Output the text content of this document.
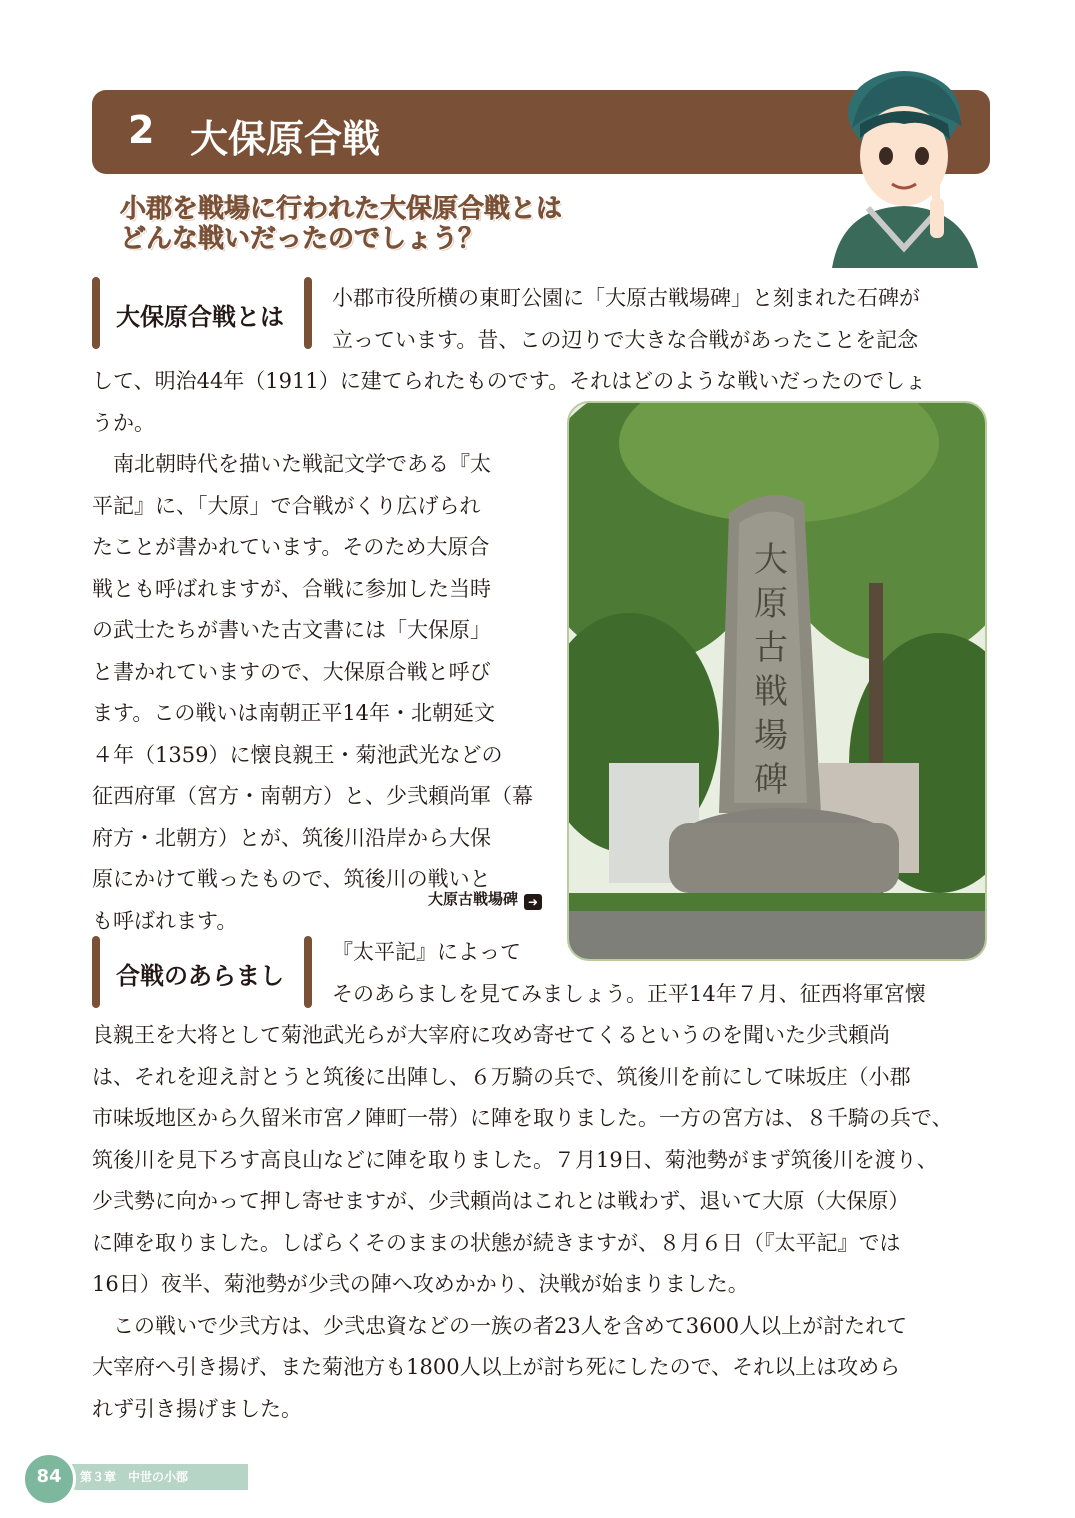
2 大保原合戦
小郡を戦場に行われた大保原合戦とは
どんな戦いだったのでしょう？
大保原合戦とは

小郡市役所横の東町公園に「大原古戦場碑」と刻まれた石碑が

立っています。昔、この辺りで大きな合戦があったことを記念

して、明治44年（1911）に建てられたものです。それはどのような戦いだったのでしょ

うか。

南北朝時代を描いた戦記文学である『太

平記』に、「大原」で合戦がくり広げられ

たことが書かれています。そのため大原合

戦とも呼ばれますが、合戦に参加した当時

の武士たちが書いた古文書には「大保原」

と書かれていますので、大保原合戦と呼び

ます。この戦いは南朝正平14年・北朝延文

４年（1359）に懐良親王・菊池武光などの

征西府軍（宮方・南朝方）と、少弐頼尚軍（幕

府方・北朝方）とが、筑後川沿岸から大保

原にかけて戦ったもので、筑後川の戦いと

も呼ばれます。

大原古戦場碑
大原古戦場碑 ➜
合戦のあらまし

『太平記』によって

そのあらましを見てみましょう。正平14年７月、征西将軍宮懐

良親王を大将として菊池武光らが大宰府に攻め寄せてくるというのを聞いた少弐頼尚

は、それを迎え討とうと筑後に出陣し、６万騎の兵で、筑後川を前にして味坂庄（小郡

市味坂地区から久留米市宮ノ陣町一帯）に陣を取りました。一方の宮方は、８千騎の兵で、

筑後川を見下ろす高良山などに陣を取りました。７月19日、菊池勢がまず筑後川を渡り、

少弐勢に向かって押し寄せますが、少弐頼尚はこれとは戦わず、退いて大原（大保原）

に陣を取りました。しばらくそのままの状態が続きますが、８月６日（『太平記』では

16日）夜半、菊池勢が少弐の陣へ攻めかかり、決戦が始まりました。

この戦いで少弐方は、少弐忠資などの一族の者23人を含めて3600人以上が討たれて

大宰府へ引き揚げ、また菊池方も1800人以上が討ち死にしたので、それ以上は攻めら

れず引き揚げました。

84	第３章　中世の小郡
